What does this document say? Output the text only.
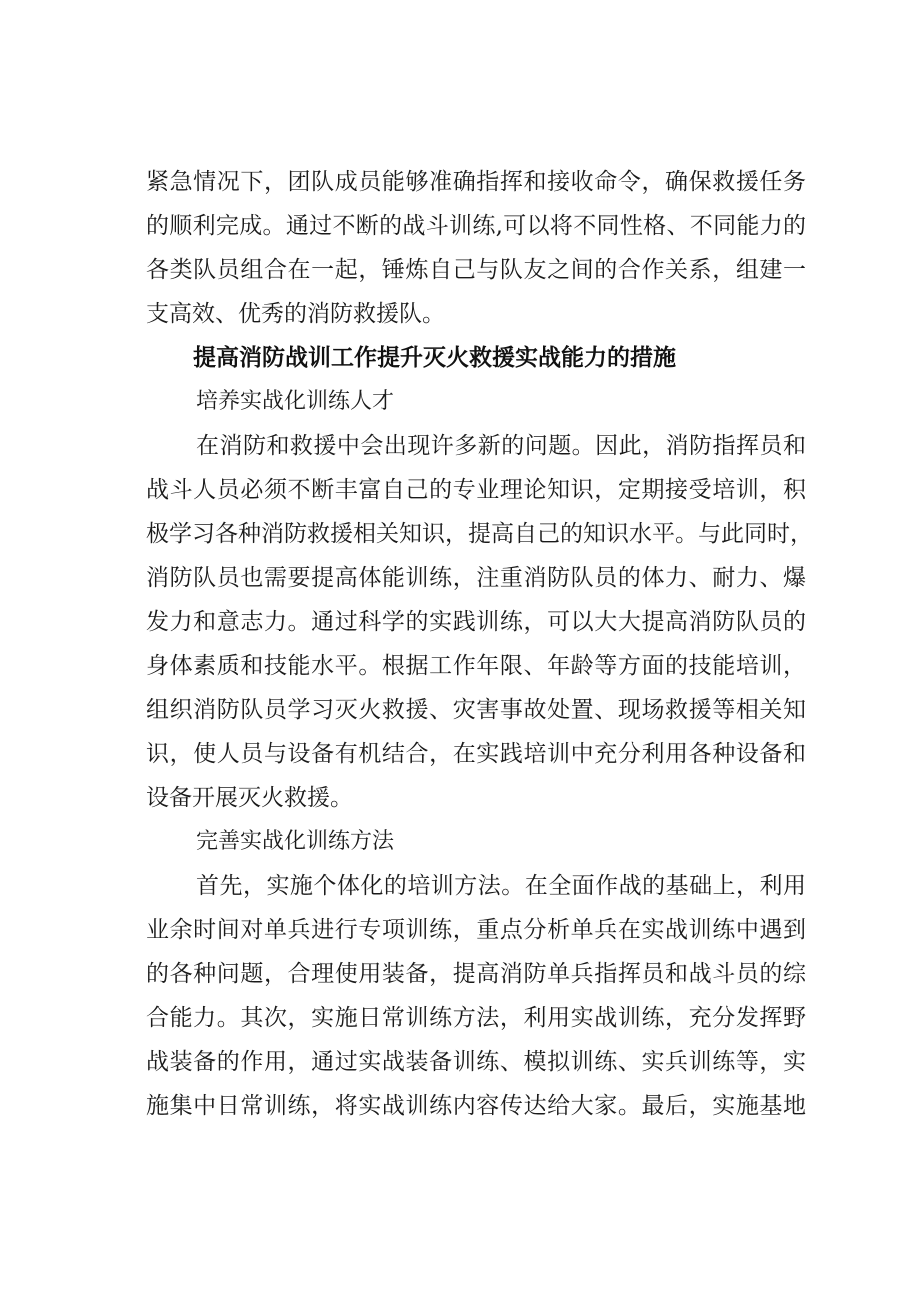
紧急情况下，团队成员能够准确指挥和接收命令，确保救援任务
的顺利完成。通过不断的战斗训练,可以将不同性格、不同能力的
各类队员组合在一起，锤炼自己与队友之间的合作关系，组建一
支高效、优秀的消防救援队。
提高消防战训工作提升灭火救援实战能力的措施
培养实战化训练人才
在消防和救援中会出现许多新的问题。因此，消防指挥员和
战斗人员必须不断丰富自己的专业理论知识，定期接受培训，积
极学习各种消防救援相关知识，提高自己的知识水平。与此同时，
消防队员也需要提高体能训练，注重消防队员的体力、耐力、爆
发力和意志力。通过科学的实践训练，可以大大提高消防队员的
身体素质和技能水平。根据工作年限、年龄等方面的技能培训，
组织消防队员学习灭火救援、灾害事故处置、现场救援等相关知
识，使人员与设备有机结合，在实践培训中充分利用各种设备和
设备开展灭火救援。
完善实战化训练方法
首先，实施个体化的培训方法。在全面作战的基础上，利用
业余时间对单兵进行专项训练，重点分析单兵在实战训练中遇到
的各种问题，合理使用装备，提高消防单兵指挥员和战斗员的综
合能力。其次，实施日常训练方法，利用实战训练，充分发挥野
战装备的作用，通过实战装备训练、模拟训练、实兵训练等，实
施集中日常训练，将实战训练内容传达给大家。最后，实施基地
